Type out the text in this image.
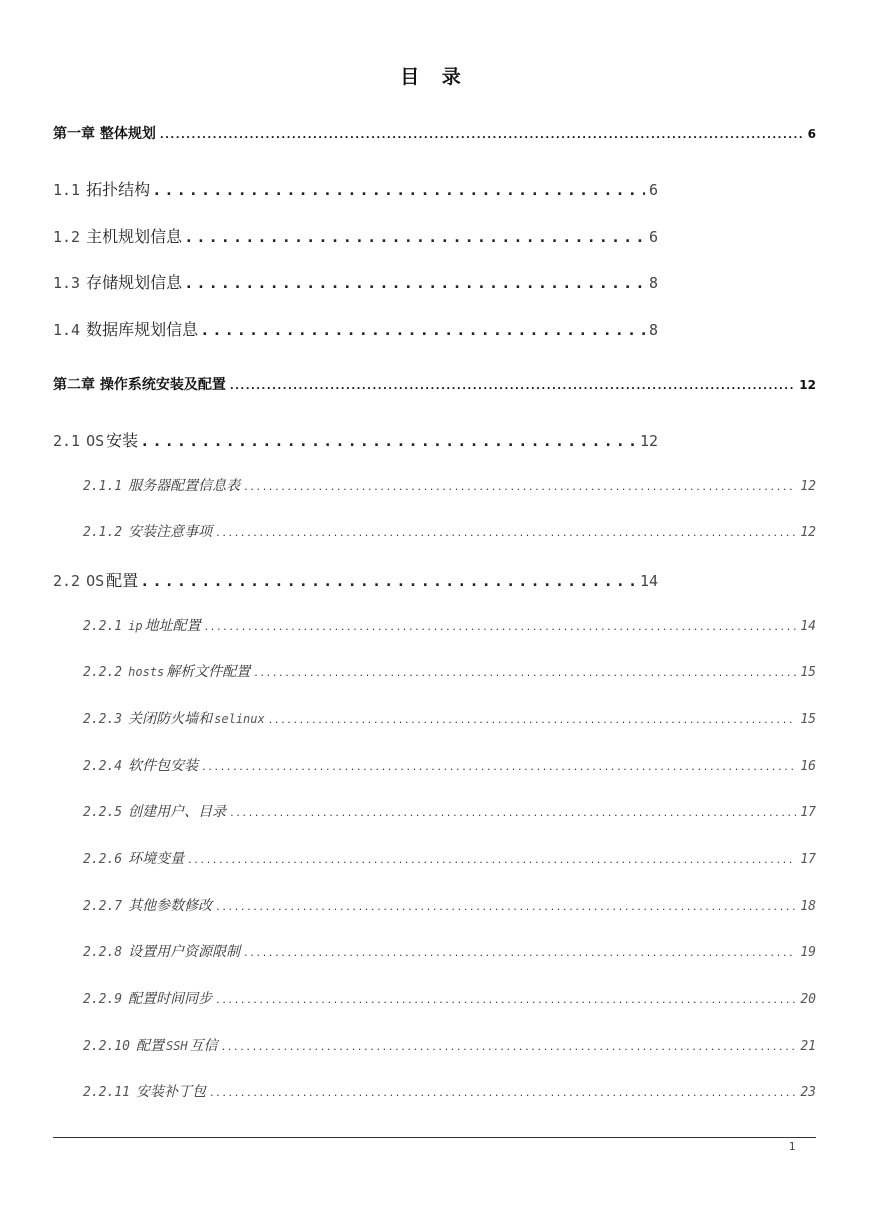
目 录
第一章 整体规划 . . .	6
1.1 拓扑结构 . . .	6
1.2 主机规划信息 . . .	6
1.3 存储规划信息 . . .	8
1.4 数据库规划信息 . . .	8
第二章 操作系统安装及配置 . . .	12
2.1 OS 安装 . . .	12
2.1.1 服务器配置信息表 . . .	12
2.1.2 安装注意事项 . . .	12
2.2 OS 配置 . . .	14
2.2.1 ip 地址配置 . . .	14
2.2.2 hosts 解析文件配置 . . .	15
2.2.3 关闭防火墙和 selinux . . .	15
2.2.4 软件包安装 . . .	16
2.2.5 创建用户、目录 . . .	17
2.2.6 环境变量 . . .	17
2.2.7 其他参数修改 . . .	18
2.2.8 设置用户资源限制 . . .	19
2.2.9 配置时间同步 . . .	20
2.2.10 配置 SSH 互信 . . .	21
2.2.11 安装补丁包 . . .	23
1
